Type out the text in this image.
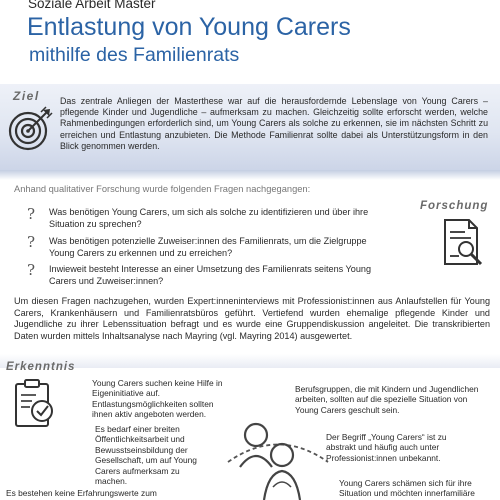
Soziale Arbeit Master
Entlastung von Young Carers
mithilfe des Familienrats
Ziel Das zentrale Anliegen der Masterthese war auf die herausfordernde Lebenslage von Young Carers – pflegende Kinder und Jugendliche – aufmerksam zu machen. Gleichzeitig sollte erforscht werden, welche Rahmenbedingungen erforderlich sind, um Young Carers als solche zu erkennen, sie im nächsten Schritt zu erreichen und Entlastung anzubieten. Die Methode Familienrat sollte dabei als Unterstützungsform in den Blick genommen werden.
Anhand qualitativer Forschung wurde folgenden Fragen nachgegangen:
? Was benötigen Young Carers, um sich als solche zu identifizieren und über ihre Situation zu sprechen?
? Was benötigen potenzielle Zuweiser:innen des Familienrats, um die Zielgruppe Young Carers zu erkennen und zu erreichen?
? Inwieweit besteht Interesse an einer Umsetzung des Familienrats seitens Young Carers und Zuweiser:innen?
Forschung
Um diesen Fragen nachzugehen, wurden Expert:inneninterviews mit Professionist:innen aus Anlaufstellen für Young Carers, Krankenhäusern und Familienratsbüros geführt. Vertiefend wurden ehemalige pflegende Kinder und Jugendliche zu ihrer Lebenssituation befragt und es wurde eine Gruppendiskussion angeleitet. Die transkribierten Daten wurden mittels Inhaltsanalyse nach Mayring (vgl. Mayring 2014) ausgewertet.
Erkenntnis
Young Carers suchen keine Hilfe in Eigeninitiative auf. Entlastungsmöglichkeiten sollten ihnen aktiv angeboten werden.
Berufsgruppen, die mit Kindern und Jugendlichen arbeiten, sollten auf die spezielle Situation von Young Carers geschult sein.
Es bedarf einer breiten Öffentlichkeitsarbeit und Bewusstseinsbildung der Gesellschaft, um auf Young Carers aufmerksam zu machen.
Der Begriff „Young Carers“ ist zu abstrakt und häufig auch unter Professionist:innen unbekannt.
Es bestehen keine Erfahrungswerte zum
Young Carers schämen sich für ihre Situation und möchten innerfamiliäre
